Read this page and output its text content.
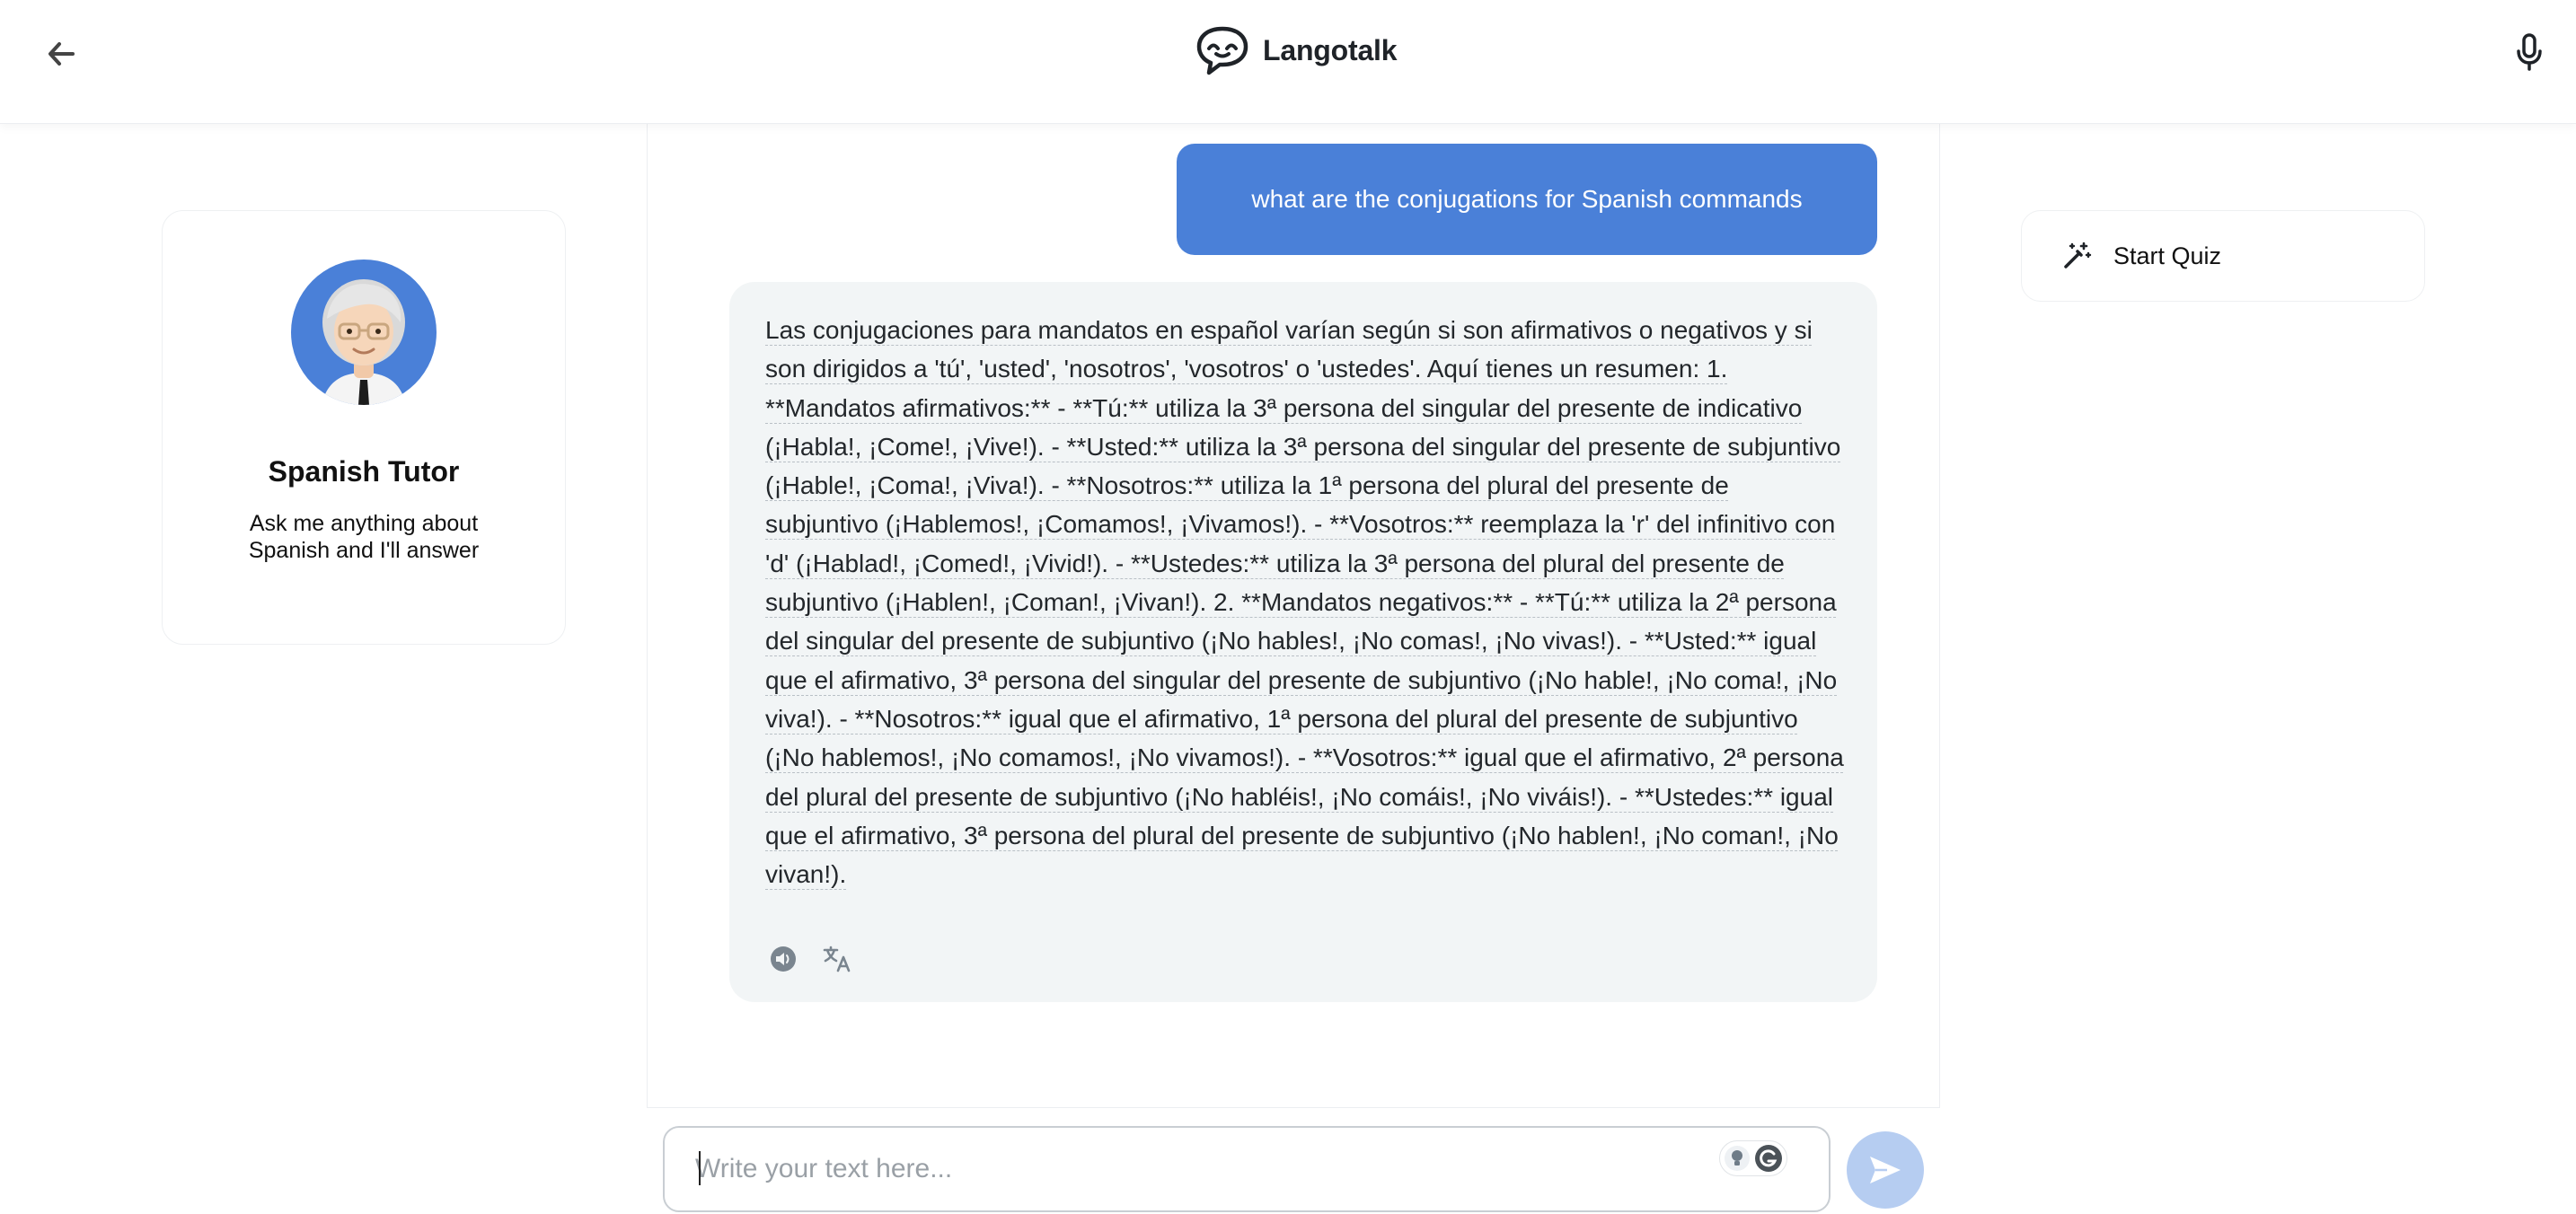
Langotalk
Spanish Tutor
Ask me anything about Spanish and I'll answer
what are the conjugations for Spanish commands
Las conjugaciones para mandatos en español varían según si son afirmativos o negativos y si son dirigidos a 'tú', 'usted', 'nosotros', 'vosotros' o 'ustedes'. Aquí tienes un resumen: 1. **Mandatos afirmativos:** - **Tú:** utiliza la 3ª persona del singular del presente de indicativo (¡Habla!, ¡Come!, ¡Vive!). - **Usted:** utiliza la 3ª persona del singular del presente de subjuntivo (¡Hable!, ¡Coma!, ¡Viva!). - **Nosotros:** utiliza la 1ª persona del plural del presente de subjuntivo (¡Hablemos!, ¡Comamos!, ¡Vivamos!). - **Vosotros:** reemplaza la 'r' del infinitivo con 'd' (¡Hablad!, ¡Comed!, ¡Vivid!). - **Ustedes:** utiliza la 3ª persona del plural del presente de subjuntivo (¡Hablen!, ¡Coman!, ¡Vivan!). 2. **Mandatos negativos:** - **Tú:** utiliza la 2ª persona del singular del presente de subjuntivo (¡No hables!, ¡No comas!, ¡No vivas!). - **Usted:** igual que el afirmativo, 3ª persona del singular del presente de subjuntivo (¡No hable!, ¡No coma!, ¡No viva!). - **Nosotros:** igual que el afirmativo, 1ª persona del plural del presente de subjuntivo (¡No hablemos!, ¡No comamos!, ¡No vivamos!). - **Vosotros:** igual que el afirmativo, 2ª persona del plural del presente de subjuntivo (¡No habléis!, ¡No comáis!, ¡No viváis!). - **Ustedes:** igual que el afirmativo, 3ª persona del plural del presente de subjuntivo (¡No hablen!, ¡No coman!, ¡No vivan!).
Start Quiz
Write your text here...
